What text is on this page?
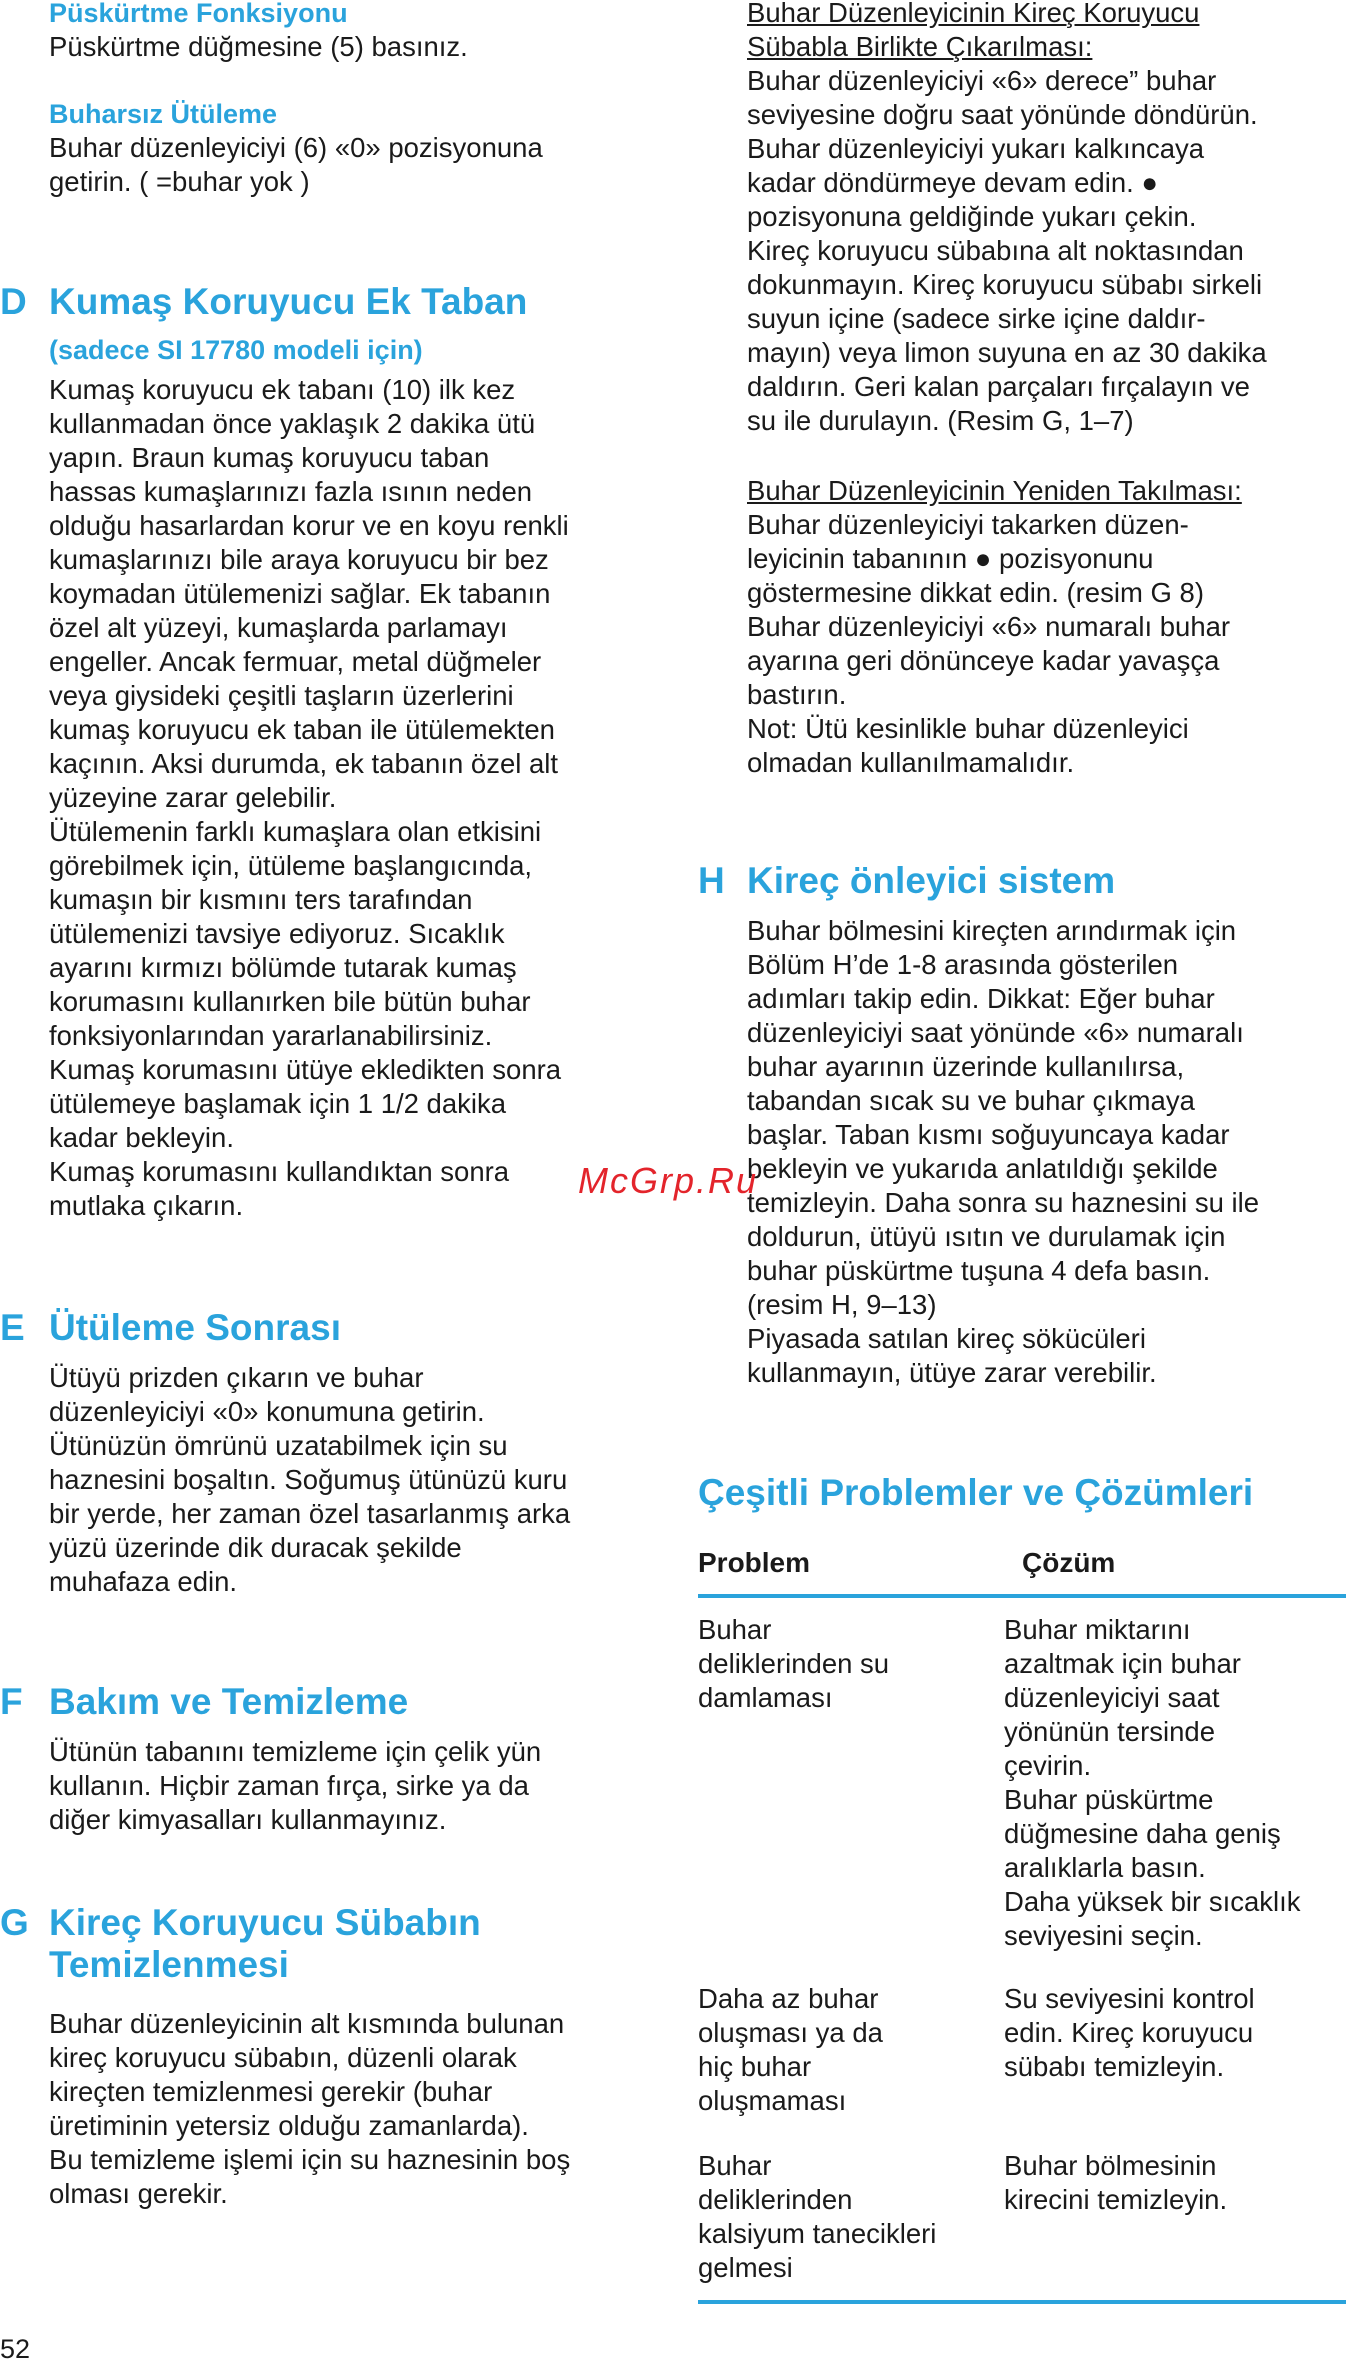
Püskürtme Fonksiyonu

Püskürtme düğmesine (5) basınız.

Buharsız Ütüleme

Buhar düzenleyiciyi (6) «0» pozisyonuna
getirin. ( =buhar yok )

D Kumaş Koruyucu Ek Taban

(sadece SI 17780 modeli için)

Kumaş koruyucu ek tabanı (10) ilk kez
kullanmadan önce yaklaşık 2 dakika ütü
yapın. Braun kumaş koruyucu taban
hassas kumaşlarınızı fazla ısının neden
olduğu hasarlardan korur ve en koyu renkli
kumaşlarınızı bile araya koruyucu bir bez
koymadan ütülemenizi sağlar. Ek tabanın
özel alt yüzeyi, kumaşlarda parlamayı
engeller. Ancak fermuar, metal düğmeler
veya giysideki çeşitli taşların üzerlerini
kumaş koruyucu ek taban ile ütülemekten
kaçının. Aksi durumda, ek tabanın özel alt
yüzeyine zarar gelebilir.
Ütülemenin farklı kumaşlara olan etkisini
görebilmek için, ütüleme başlangıcında,
kumaşın bir kısmını ters tarafından
ütülemenizi tavsiye ediyoruz. Sıcaklık
ayarını kırmızı bölümde tutarak kumaş
korumasını kullanırken bile bütün buhar
fonksiyonlarından yararlanabilirsiniz.
Kumaş korumasını ütüye ekledikten sonra
ütülemeye başlamak için 1 1/2 dakika
kadar bekleyin.
Kumaş korumasını kullandıktan sonra
mutlaka çıkarın.

E Ütüleme Sonrası

Ütüyü prizden çıkarın ve buhar
düzenleyiciyi «0» konumuna getirin.
Ütünüzün ömrünü uzatabilmek için su
haznesini boşaltın. Soğumuş ütünüzü kuru
bir yerde, her zaman özel tasarlanmış arka
yüzü üzerinde dik duracak şekilde
muhafaza edin.

F Bakım ve Temizleme

Ütünün tabanını temizleme için çelik yün
kullanın. Hiçbir zaman fırça, sirke ya da
diğer kimyasalları kullanmayınız.

G Kireç Koruyucu Sübabın
Temizlenmesi

Buhar düzenleyicinin alt kısmında bulunan
kireç koruyucu sübabın, düzenli olarak
kireçten temizlenmesi gerekir (buhar
üretiminin yetersiz olduğu zamanlarda).
Bu temizleme işlemi için su haznesinin boş
olması gerekir.

52

Buhar Düzenleyicinin Kireç Koruyucu
Sübabla Birlikte Çıkarılması:

Buhar düzenleyiciyi «6» derece” buhar
seviyesine doğru saat yönünde döndürün.
Buhar düzenleyiciyi yukarı kalkıncaya
kadar döndürmeye devam edin. ●
pozisyonuna geldiğinde yukarı çekin.
Kireç koruyucu sübabına alt noktasından
dokunmayın. Kireç koruyucu sübabı sirkeli
suyun içine (sadece sirke içine daldır-
mayın) veya limon suyuna en az 30 dakika
daldırın. Geri kalan parçaları fırçalayın ve
su ile durulayın. (Resim G, 1–7)

Buhar Düzenleyicinin Yeniden Takılması:

Buhar düzenleyiciyi takarken düzen-
leyicinin tabanının ● pozisyonunu
göstermesine dikkat edin. (resim G 8)
Buhar düzenleyiciyi «6» numaralı buhar
ayarına geri dönünceye kadar yavaşça
bastırın.
Not: Ütü kesinlikle buhar düzenleyici
olmadan kullanılmamalıdır.

H Kireç önleyici sistem

Buhar bölmesini kireçten arındırmak için
Bölüm H’de 1-8 arasında gösterilen
adımları takip edin. Dikkat: Eğer buhar
düzenleyiciyi saat yönünde «6» numaralı
buhar ayarının üzerinde kullanılırsa,
tabandan sıcak su ve buhar çıkmaya
başlar. Taban kısmı soğuyuncaya kadar
bekleyin ve yukarıda anlatıldığı şekilde
temizleyin. Daha sonra su haznesini su ile
doldurun, ütüyü ısıtın ve durulamak için
buhar püskürtme tuşuna 4 defa basın.
(resim H, 9–13)
Piyasada satılan kireç sökücüleri
kullanmayın, ütüye zarar verebilir.

Çeşitli Problemler ve Çözümleri
Problem	Çözüm

Buhar
deliklerinden su
damlaması

Buhar miktarını
azaltmak için buhar
düzenleyiciyi saat
yönünün tersinde
çevirin.
Buhar püskürtme
düğmesine daha geniş
aralıklarla basın.
Daha yüksek bir sıcaklık
seviyesini seçin.

Daha az buhar
oluşması ya da
hiç buhar
oluşmaması

Su seviyesini kontrol
edin. Kireç koruyucu
sübabı temizleyin.

Buhar
deliklerinden
kalsiyum tanecikleri
gelmesi

Buhar bölmesinin
kirecini temizleyin.

McGrp.Ru
